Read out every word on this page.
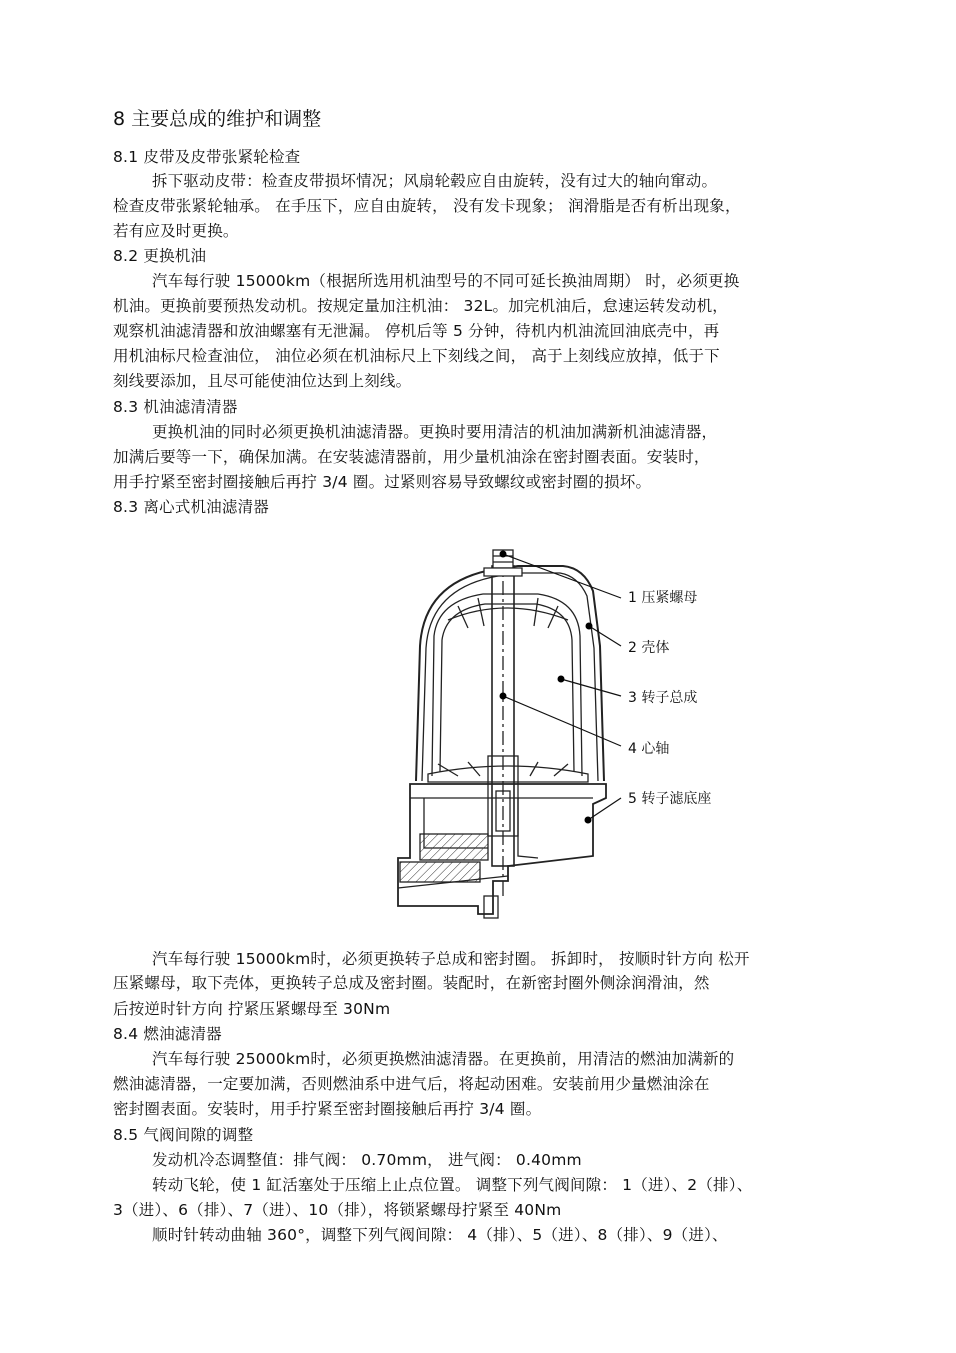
8 主要总成的维护和调整
8.1 皮带及皮带张紧轮检查
拆下驱动皮带：检查皮带损坏情况；风扇轮毂应自由旋转，没有过大的轴向窜动。
检查皮带张紧轮轴承。 在手压下，应自由旋转， 没有发卡现象； 润滑脂是否有析出现象，
若有应及时更换。
8.2 更换机油
汽车每行驶 15000km（根据所选用机油型号的不同可延长换油周期） 时，必须更换
机油。更换前要预热发动机。按规定量加注机油： 32L。加完机油后，怠速运转发动机，
观察机油滤清器和放油螺塞有无泄漏。 停机后等 5 分钟，待机内机油流回油底壳中，再
用机油标尺检查油位， 油位必须在机油标尺上下刻线之间， 高于上刻线应放掉，低于下
刻线要添加，且尽可能使油位达到上刻线。
8.3 机油滤清清器
更换机油的同时必须更换机油滤清器。更换时要用清洁的机油加满新机油滤清器，
加满后要等一下，确保加满。在安装滤清器前，用少量机油涂在密封圈表面。安装时，
用手拧紧至密封圈接触后再拧 3/4 圈。过紧则容易导致螺纹或密封圈的损坏。
8.3 离心式机油滤清器
1 压紧螺母
2 壳体
3 转子总成
4 心轴
5 转子滤底座
汽车每行驶 15000km时，必须更换转子总成和密封圈。 拆卸时， 按顺时针方向 松开
压紧螺母，取下壳体，更换转子总成及密封圈。装配时，在新密封圈外侧涂润滑油，然
后按逆时针方向 拧紧压紧螺母至 30Nm
8.4 燃油滤清器
汽车每行驶 25000km时，必须更换燃油滤清器。在更换前，用清洁的燃油加满新的
燃油滤清器，一定要加满，否则燃油系中进气后，将起动困难。安装前用少量燃油涂在
密封圈表面。安装时，用手拧紧至密封圈接触后再拧 3/4 圈。
8.5 气阀间隙的调整
发动机冷态调整值：排气阀： 0.70mm， 进气阀： 0.40mm
转动飞轮，使 1 缸活塞处于压缩上止点位置。 调整下列气阀间隙： 1（进）、2（排）、
3（进）、6（排）、7（进）、10（排），将锁紧螺母拧紧至 40Nm
顺时针转动曲轴 360°，调整下列气阀间隙： 4（排）、5（进）、8（排）、9（进）、
